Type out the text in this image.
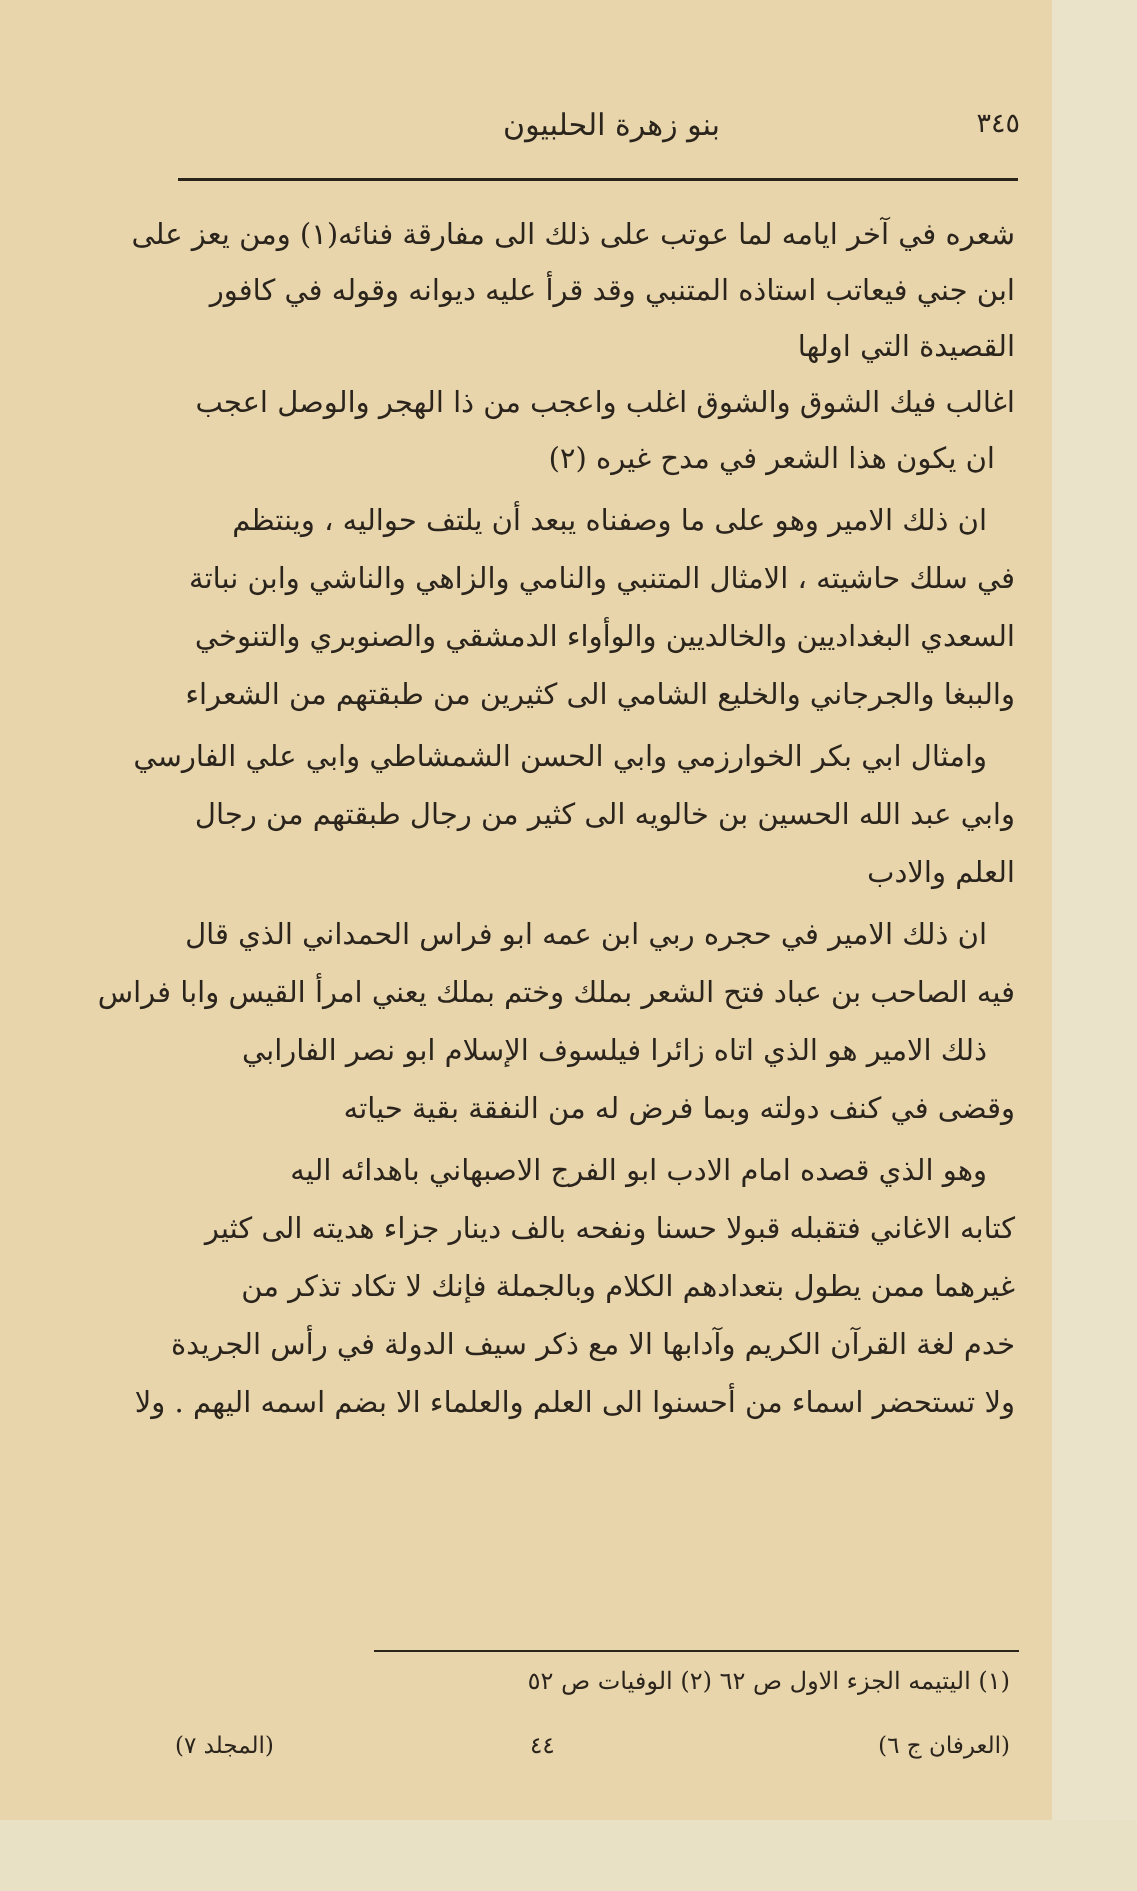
٣٤٥
بنو زهرة الحلبيون
شعره في آخر ايامه لما عوتب على ذلك الى مفارقة فنائه(١) ومن يعز على
ابن جني فيعاتب استاذه المتنبي وقد قرأ عليه ديوانه وقوله في كافور
القصيدة التي اولها
اغالب فيك الشوق والشوق اغلب واعجب من ذا الهجر والوصل اعجب
ان يكون هذا الشعر في مدح غيره (٢)
ان ذلك الامير وهو على ما وصفناه يبعد أن يلتف حواليه ، وينتظم
في سلك حاشيته ، الامثال المتنبي والنامي والزاهي والناشي وابن نباتة
السعدي البغداديين والخالديين والوأواء الدمشقي والصنوبري والتنوخي
والببغا والجرجاني والخليع الشامي الى كثيرين من طبقتهم من الشعراء
وامثال ابي بكر الخوارزمي وابي الحسن الشمشاطي وابي علي الفارسي
وابي عبد الله الحسين بن خالويه الى كثير من رجال طبقتهم من رجال
العلم والادب
ان ذلك الامير في حجره ربي ابن عمه ابو فراس الحمداني الذي قال
فيه الصاحب بن عباد فتح الشعر بملك وختم بملك يعني امرأ القيس وابا فراس
ذلك الامير هو الذي اتاه زائرا فيلسوف الإسلام ابو نصر الفارابي
وقضى في كنف دولته وبما فرض له من النفقة بقية حياته
وهو الذي قصده امام الادب ابو الفرج الاصبهاني باهدائه اليه
كتابه الاغاني فتقبله قبولا حسنا ونفحه بالف دينار جزاء هديته الى كثير
غيرهما ممن يطول بتعدادهم الكلام وبالجملة فإنك لا تكاد تذكر من
خدم لغة القرآن الكريم وآدابها الا مع ذكر سيف الدولة في رأس الجريدة
ولا تستحضر اسماء من أحسنوا الى العلم والعلماء الا بضم اسمه اليهم . ولا
(١) اليتيمه الجزء الاول ص ٦٢ (٢) الوفيات ص ٥٢
(العرفان ج ٦)
٤٤
(المجلد ٧)
